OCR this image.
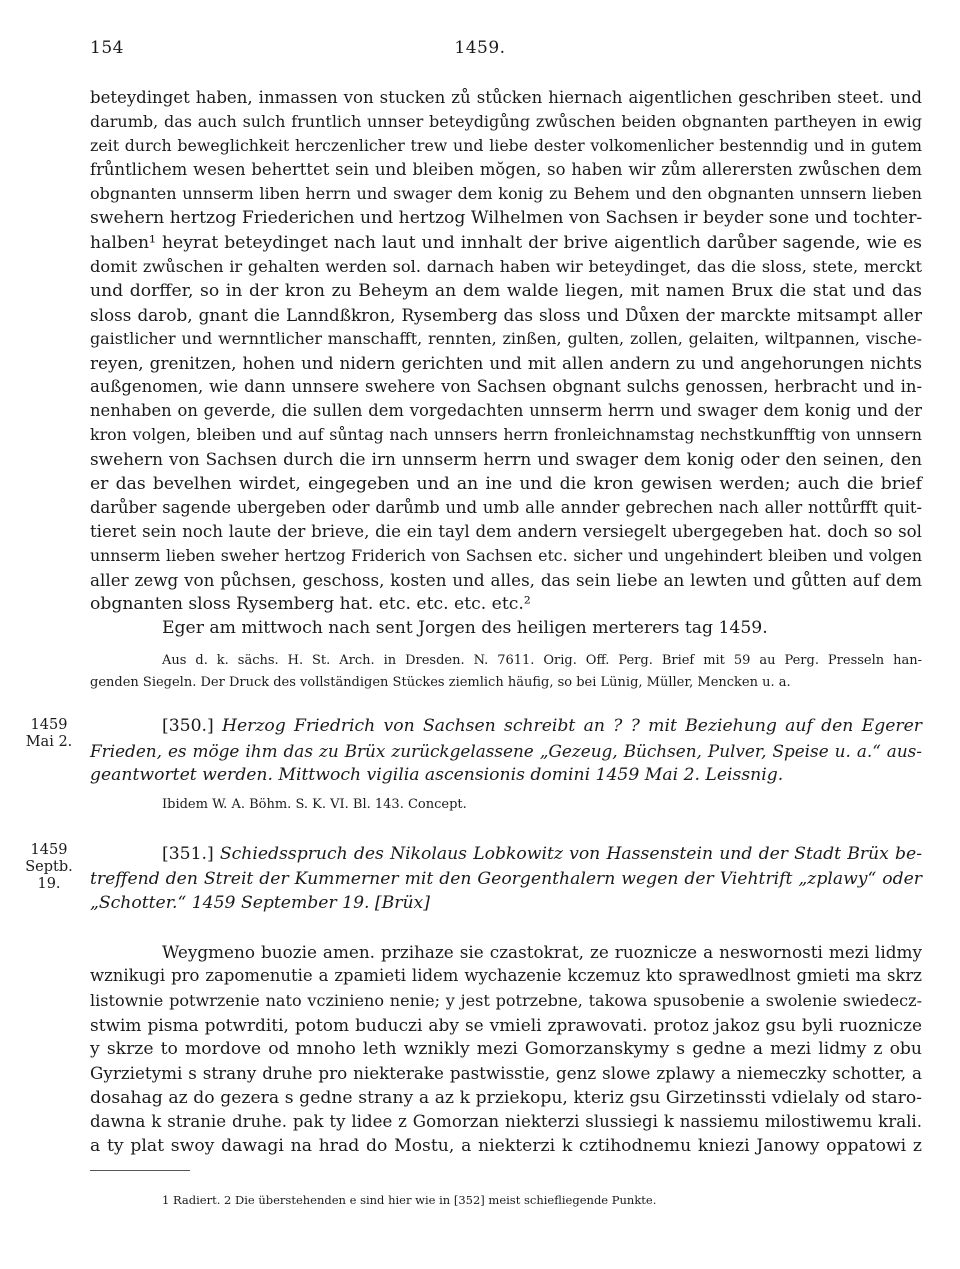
154	1459.
beteydinget haben, inmassen von stucken zů stůcken hiernach aigentlichen geschriben steet. und
darumb, das auch sulch fruntlich unnser beteydigůng zwůschen beiden obgnanten partheyen in ewig
zeit durch beweglichkeit herczenlicher trew und liebe dester volkomenlicher bestenndig und in gutem
frůntlichem wesen beherttet sein und bleiben mŏgen, so haben wir zům allerersten zwůschen dem
obgnanten unnserm liben herrn und swager dem konig zu Behem und den obgnanten unnsern lieben
swehern hertzog Friederichen und hertzog Wilhelmen von Sachsen ir beyder sone und tochter-
halben¹ heyrat beteydinget nach laut und innhalt der brive aigentlich darůber sagende, wie es
domit zwůschen ir gehalten werden sol. darnach haben wir beteydinget, das die sloss, stete, merckt
und dorffer, so in der kron zu Beheym an dem walde liegen, mit namen Brux die stat und das
sloss darob, gnant die Lanndßkron, Rysemberg das sloss und Důxen der marckte mitsampt aller
gaistlicher und wernntlicher manschafft, rennten, zinßen, gulten, zollen, gelaiten, wiltpannen, vische-
reyen, grenitzen, hohen und nidern gerichten und mit allen andern zu und angehorungen nichts
außgenomen, wie dann unnsere swehere von Sachsen obgnant sulchs genossen, herbracht und in-
nenhaben on geverde, die sullen dem vorgedachten unnserm herrn und swager dem konig und der
kron volgen, bleiben und auf sůntag nach unnsers herrn fronleichnamstag nechstkunfftig von unnsern
swehern von Sachsen durch die irn unnserm herrn und swager dem konig oder den seinen, den
er das bevelhen wirdet, eingegeben und an ine und die kron gewisen werden; auch die brief
darůber sagende ubergeben oder darůmb und umb alle annder gebrechen nach aller nottůrfft quit-
tieret sein noch laute der brieve, die ein tayl dem andern versiegelt ubergegeben hat. doch so sol
unnserm lieben sweher hertzog Friderich von Sachsen etc. sicher und ungehindert bleiben und volgen
aller zewg von půchsen, geschoss, kosten und alles, das sein liebe an lewten und gůtten auf dem
obgnanten sloss Rysemberg hat. etc. etc. etc. etc.²
Eger am mittwoch nach sent Jorgen des heiligen merterers tag 1459.
Aus d. k. sächs. H. St. Arch. in Dresden. N. 7611. Orig. Off. Perg. Brief mit 59 au Perg. Presseln han-
genden Siegeln. Der Druck des vollständigen Stückes ziemlich häufig, so bei Lünig, Müller, Mencken u. a.
1459
Mai 2.
[350.] Herzog Friedrich von Sachsen schreibt an ? ? mit Beziehung auf den Egerer
Frieden, es möge ihm das zu Brüx zurückgelassene „Gezeug, Büchsen, Pulver, Speise u. a.“ aus-
geantwortet werden. Mittwoch vigilia ascensionis domini 1459 Mai 2. Leissnig.
Ibidem W. A. Böhm. S. K. VI. Bl. 143. Concept.
1459
Septb. 19.
[351.] Schiedsspruch des Nikolaus Lobkowitz von Hassenstein und der Stadt Brüx be-
treffend den Streit der Kummerner mit den Georgenthalern wegen der Viehtrift „zplawy“ oder
„Schotter.“ 1459 September 19. [Brüx]
Weygmeno buozie amen. przihaze sie czastokrat, ze ruoznicze a neswornosti mezi lidmy
wznikugi pro zapomenutie a zpamieti lidem wychazenie kczemuz kto sprawedlnost gmieti ma skrz
listownie potwrzenie nato vczinieno nenie; y jest potrzebne, takowa spusobenie a swolenie swiedecz-
stwim pisma potwrditi, potom buduczi aby se vmieli zprawovati. protoz jakoz gsu byli ruoznicze
y skrze to mordove od mnoho leth wznikly mezi Gomorzanskymy s gedne a mezi lidmy z obu
Gyrzietymi s strany druhe pro niekterake pastwisstie, genz slowe zplawy a niemeczky schotter, a
dosahag az do gezera s gedne strany a az k prziekopu, kteriz gsu Girzetinssti vdielaly od staro-
dawna k stranie druhe. pak ty lidee z Gomorzan niekterzi slussiegi k nassiemu milostiwemu krali.
a ty plat swoy dawagi na hrad do Mostu, a niekterzi k cztihodnemu kniezi Janowy oppatowi z
1 Radiert. 2 Die überstehenden e sind hier wie in [352] meist schiefliegende Punkte.
